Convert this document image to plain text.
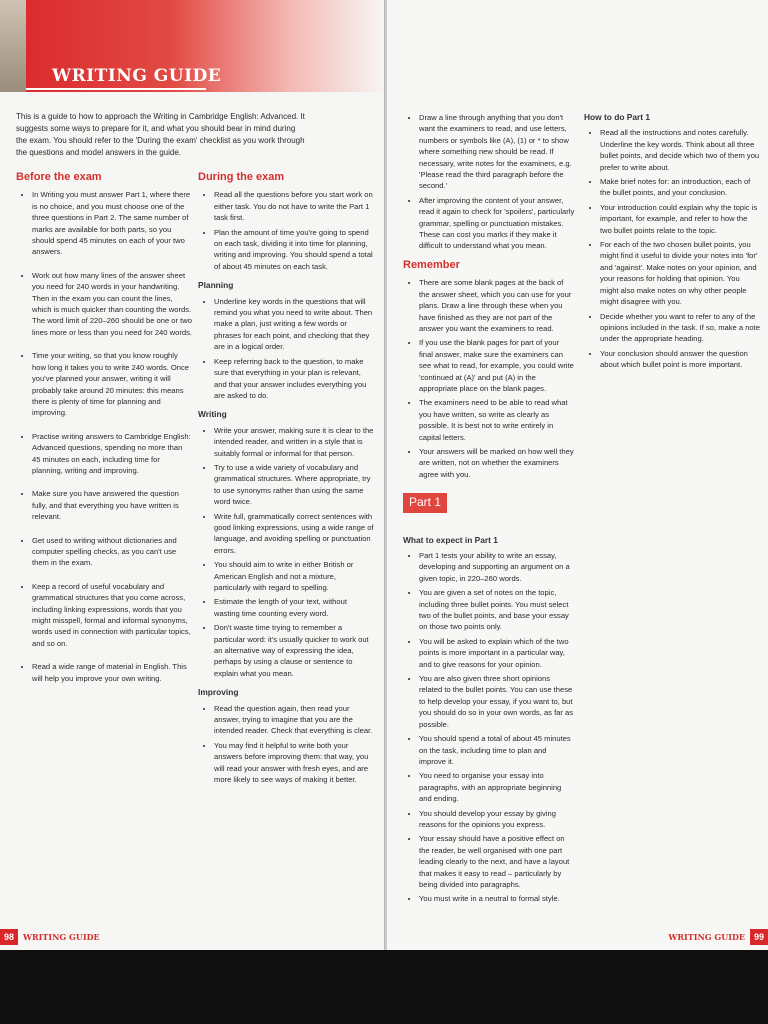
WRITING GUIDE
This is a guide to how to approach the Writing in Cambridge English: Advanced. It suggests some ways to prepare for it, and what you should bear in mind during the exam. You should refer to the 'During the exam' checklist as you work through the questions and model answers in the guide.
Before the exam
• In Writing you must answer Part 1, where there is no choice, and you must choose one of the three questions in Part 2. The same number of marks are available for both parts, so you should spend 45 minutes on each of your two answers.
• Work out how many lines of the answer sheet you need for 240 words in your handwriting. Then in the exam you can count the lines, which is much quicker than counting the words. The word limit of 220–260 should be one or two lines more or less than you need for 240 words.
• Time your writing, so that you know roughly how long it takes you to write 240 words. Once you've planned your answer, writing it will probably take around 20 minutes: this means there is plenty of time for planning and improving.
• Practise writing answers to Cambridge English: Advanced questions, spending no more than 45 minutes on each, including time for planning, writing and improving.
• Make sure you have answered the question fully, and that everything you have written is relevant.
• Get used to writing without dictionaries and computer spelling checks, as you can't use them in the exam.
• Keep a record of useful vocabulary and grammatical structures that you come across, including linking expressions, words that you might misspell, formal and informal synonyms, words used in connection with particular topics, and so on.
• Read a wide range of material in English. This will help you improve your own writing.
During the exam
• Read all the questions before you start work on either task. You do not have to write the Part 1 task first.
• Plan the amount of time you're going to spend on each task, dividing it into time for planning, writing and improving. You should spend a total of about 45 minutes on each task.
Planning
• Underline key words in the questions that will remind you what you need to write about. Then make a plan, just writing a few words or phrases for each point, and checking that they are in a logical order.
• Keep referring back to the question, to make sure that everything in your plan is relevant, and that your answer includes everything you are asked to do.
Writing
• Write your answer, making sure it is clear to the intended reader, and written in a style that is suitably formal or informal for that person.
• Try to use a wide variety of vocabulary and grammatical structures. Where appropriate, try to use synonyms rather than using the same word twice.
• Write full, grammatically correct sentences with good linking expressions, using a wide range of language, and avoiding spelling or punctuation errors.
• You should aim to write in either British or American English and not a mixture, particularly with regard to spelling.
• Estimate the length of your text, without wasting time counting every word.
• Don't waste time trying to remember a particular word: it's usually quicker to work out an alternative way of expressing the idea, perhaps by using a clause or sentence to explain what you mean.
Improving
• Read the question again, then read your answer, trying to imagine that you are the intended reader. Check that everything is clear.
• You may find it helpful to write both your answers before improving them: that way, you will read your answer with fresh eyes, and are more likely to see ways of making it better.
98	WRITING GUIDE
• Draw a line through anything that you don't want the examiners to read, and use letters, numbers or symbols like (A), (1) or * to show where something new should be read. If necessary, write notes for the examiners, e.g. 'Please read the third paragraph before the second.'
• After improving the content of your answer, read it again to check for 'spoilers', particularly grammar, spelling or punctuation mistakes. These can cost you marks if they make it difficult to understand what you mean.
Remember
• There are some blank pages at the back of the answer sheet, which you can use for your plans. Draw a line through these when you have finished as they are not part of the answer you want the examiners to read.
• If you use the blank pages for part of your final answer, make sure the examiners can see what to read, for example, you could write 'continued at (A)' and put (A) in the appropriate place on the blank pages.
• The examiners need to be able to read what you have written, so write as clearly as possible. It is best not to write entirely in capital letters.
• Your answers will be marked on how well they are written, not on whether the examiners agree with you.
Part 1
What to expect in Part 1
• Part 1 tests your ability to write an essay, developing and supporting an argument on a given topic, in 220–260 words.
• You are given a set of notes on the topic, including three bullet points. You must select two of the bullet points, and base your essay on those two points only.
• You will be asked to explain which of the two points is more important in a particular way, and to give reasons for your opinion.
• You are also given three short opinions related to the bullet points. You can use these to help develop your essay, if you want to, but you should do so in your own words, as far as possible.
• You should spend a total of about 45 minutes on the task, including time to plan and improve it.
• You need to organise your essay into paragraphs, with an appropriate beginning and ending.
• You should develop your essay by giving reasons for the opinions you express.
• Your essay should have a positive effect on the reader, be well organised with one part leading clearly to the next, and have a layout that makes it easy to read – particularly by being divided into paragraphs.
• You must write in a neutral to formal style.
How to do Part 1
• Read all the instructions and notes carefully. Underline the key words. Think about all three bullet points, and decide which two of them you prefer to write about.
• Make brief notes for: an introduction, each of the bullet points, and your conclusion.
• Your introduction could explain why the topic is important, for example, and refer to how the two bullet points relate to the topic.
• For each of the two chosen bullet points, you might find it useful to divide your notes into 'for' and 'against'. Make notes on your opinion, and your reasons for holding that opinion. You might also make notes on why other people might disagree with you.
• Decide whether you want to refer to any of the opinions included in the task. If so, make a note under the appropriate heading.
• Your conclusion should answer the question about which bullet point is more important.
WRITING GUIDE	99
